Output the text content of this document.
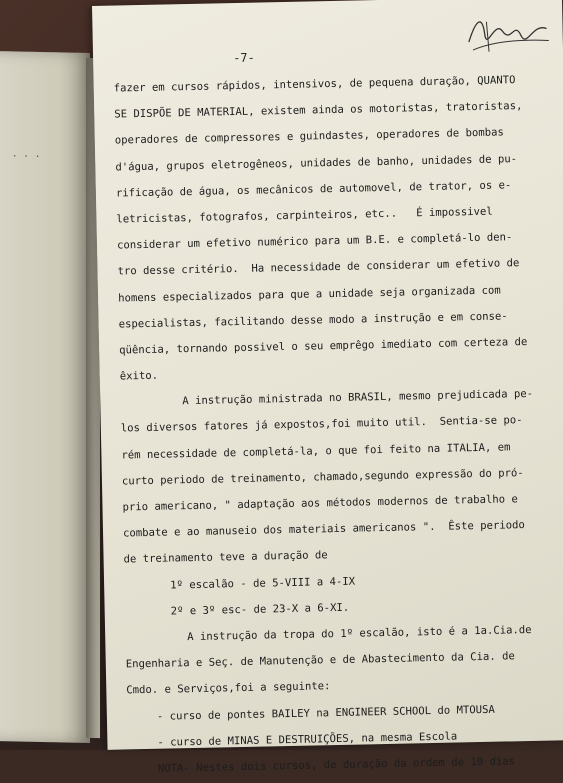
...
-7-
fazer em cursos rápidos, intensivos, de pequena duração, QUANTO
SE DISPÕE DE MATERIAL, existem ainda os motoristas, tratoristas,
operadores de compressores e guindastes, operadores de bombas
d'água, grupos eletrogêneos, unidades de banho, unidades de pu-
rificação de água, os mecânicos de automovel, de trator, os e-
letricistas, fotografos, carpinteiros, etc..   É impossivel
considerar um efetivo numérico para um B.E. e completá-lo den-
tro desse critério.  Ha necessidade de considerar um efetivo de
homens especializados para que a unidade seja organizada com
especialistas, facilitando desse modo a instrução e em conse-
qüência, tornando possivel o seu emprêgo imediato com certeza de
êxito.
A instrução ministrada no BRASIL, mesmo prejudicada pe-
los diversos fatores já expostos,foi muito util.  Sentia-se po-
rém necessidade de completá-la, o que foi feito na ITALIA, em
curto periodo de treinamento, chamado,segundo expressão do pró-
prio americano, " adaptação aos métodos modernos de trabalho e
combate e ao manuseio dos materiais americanos ".  Êste periodo
de treinamento teve a duração de
1º escalão - de 5-VIII a 4-IX
2º e 3º esc- de 23-X a 6-XI.
A instrução da tropa do 1º escalão, isto é a 1a.Cia.de
Engenharia e Seç. de Manutenção e de Abastecimento da Cia. de
Cmdo. e Serviços,foi a seguinte:
- curso de pontes BAILEY na ENGINEER SCHOOL do MTOUSA
- curso de MINAS E DESTRUIÇÕES, na mesma Escola
NOTA- Nestes dois cursos, de duração da ordem de 10 dias
